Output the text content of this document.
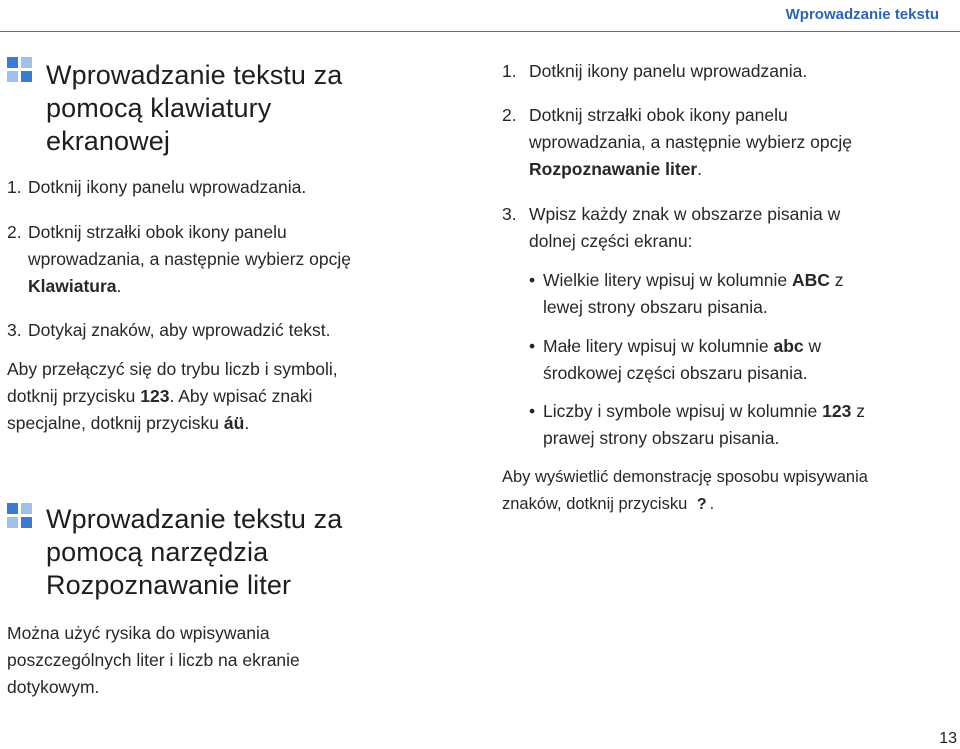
Wprowadzanie tekstu
Wprowadzanie tekstu za
pomocą klawiatury
ekranowej
1. Dotknij ikony panelu wprowadzania.
2. Dotknij strzałki obok ikony panelu
wprowadzania, a następnie wybierz opcję
Klawiatura.
3. Dotykaj znaków, aby wprowadzić tekst.
Aby przełączyć się do trybu liczb i symboli,
dotknij przycisku 123. Aby wpisać znaki
specjalne, dotknij przycisku áü.
Wprowadzanie tekstu za
pomocą narzędzia
Rozpoznawanie liter
Można użyć rysika do wpisywania
poszczególnych liter i liczb na ekranie
dotykowym.
1. Dotknij ikony panelu wprowadzania.
2. Dotknij strzałki obok ikony panelu
wprowadzania, a następnie wybierz opcję
Rozpoznawanie liter.
3. Wpisz każdy znak w obszarze pisania w
dolnej części ekranu:
• Wielkie litery wpisuj w kolumnie ABC z
lewej strony obszaru pisania.
• Małe litery wpisuj w kolumnie abc w
środkowej części obszaru pisania.
• Liczby i symbole wpisuj w kolumnie 123 z
prawej strony obszaru pisania.
Aby wyświetlić demonstrację sposobu wpisywania
znaków, dotknij przycisku ? .
13
